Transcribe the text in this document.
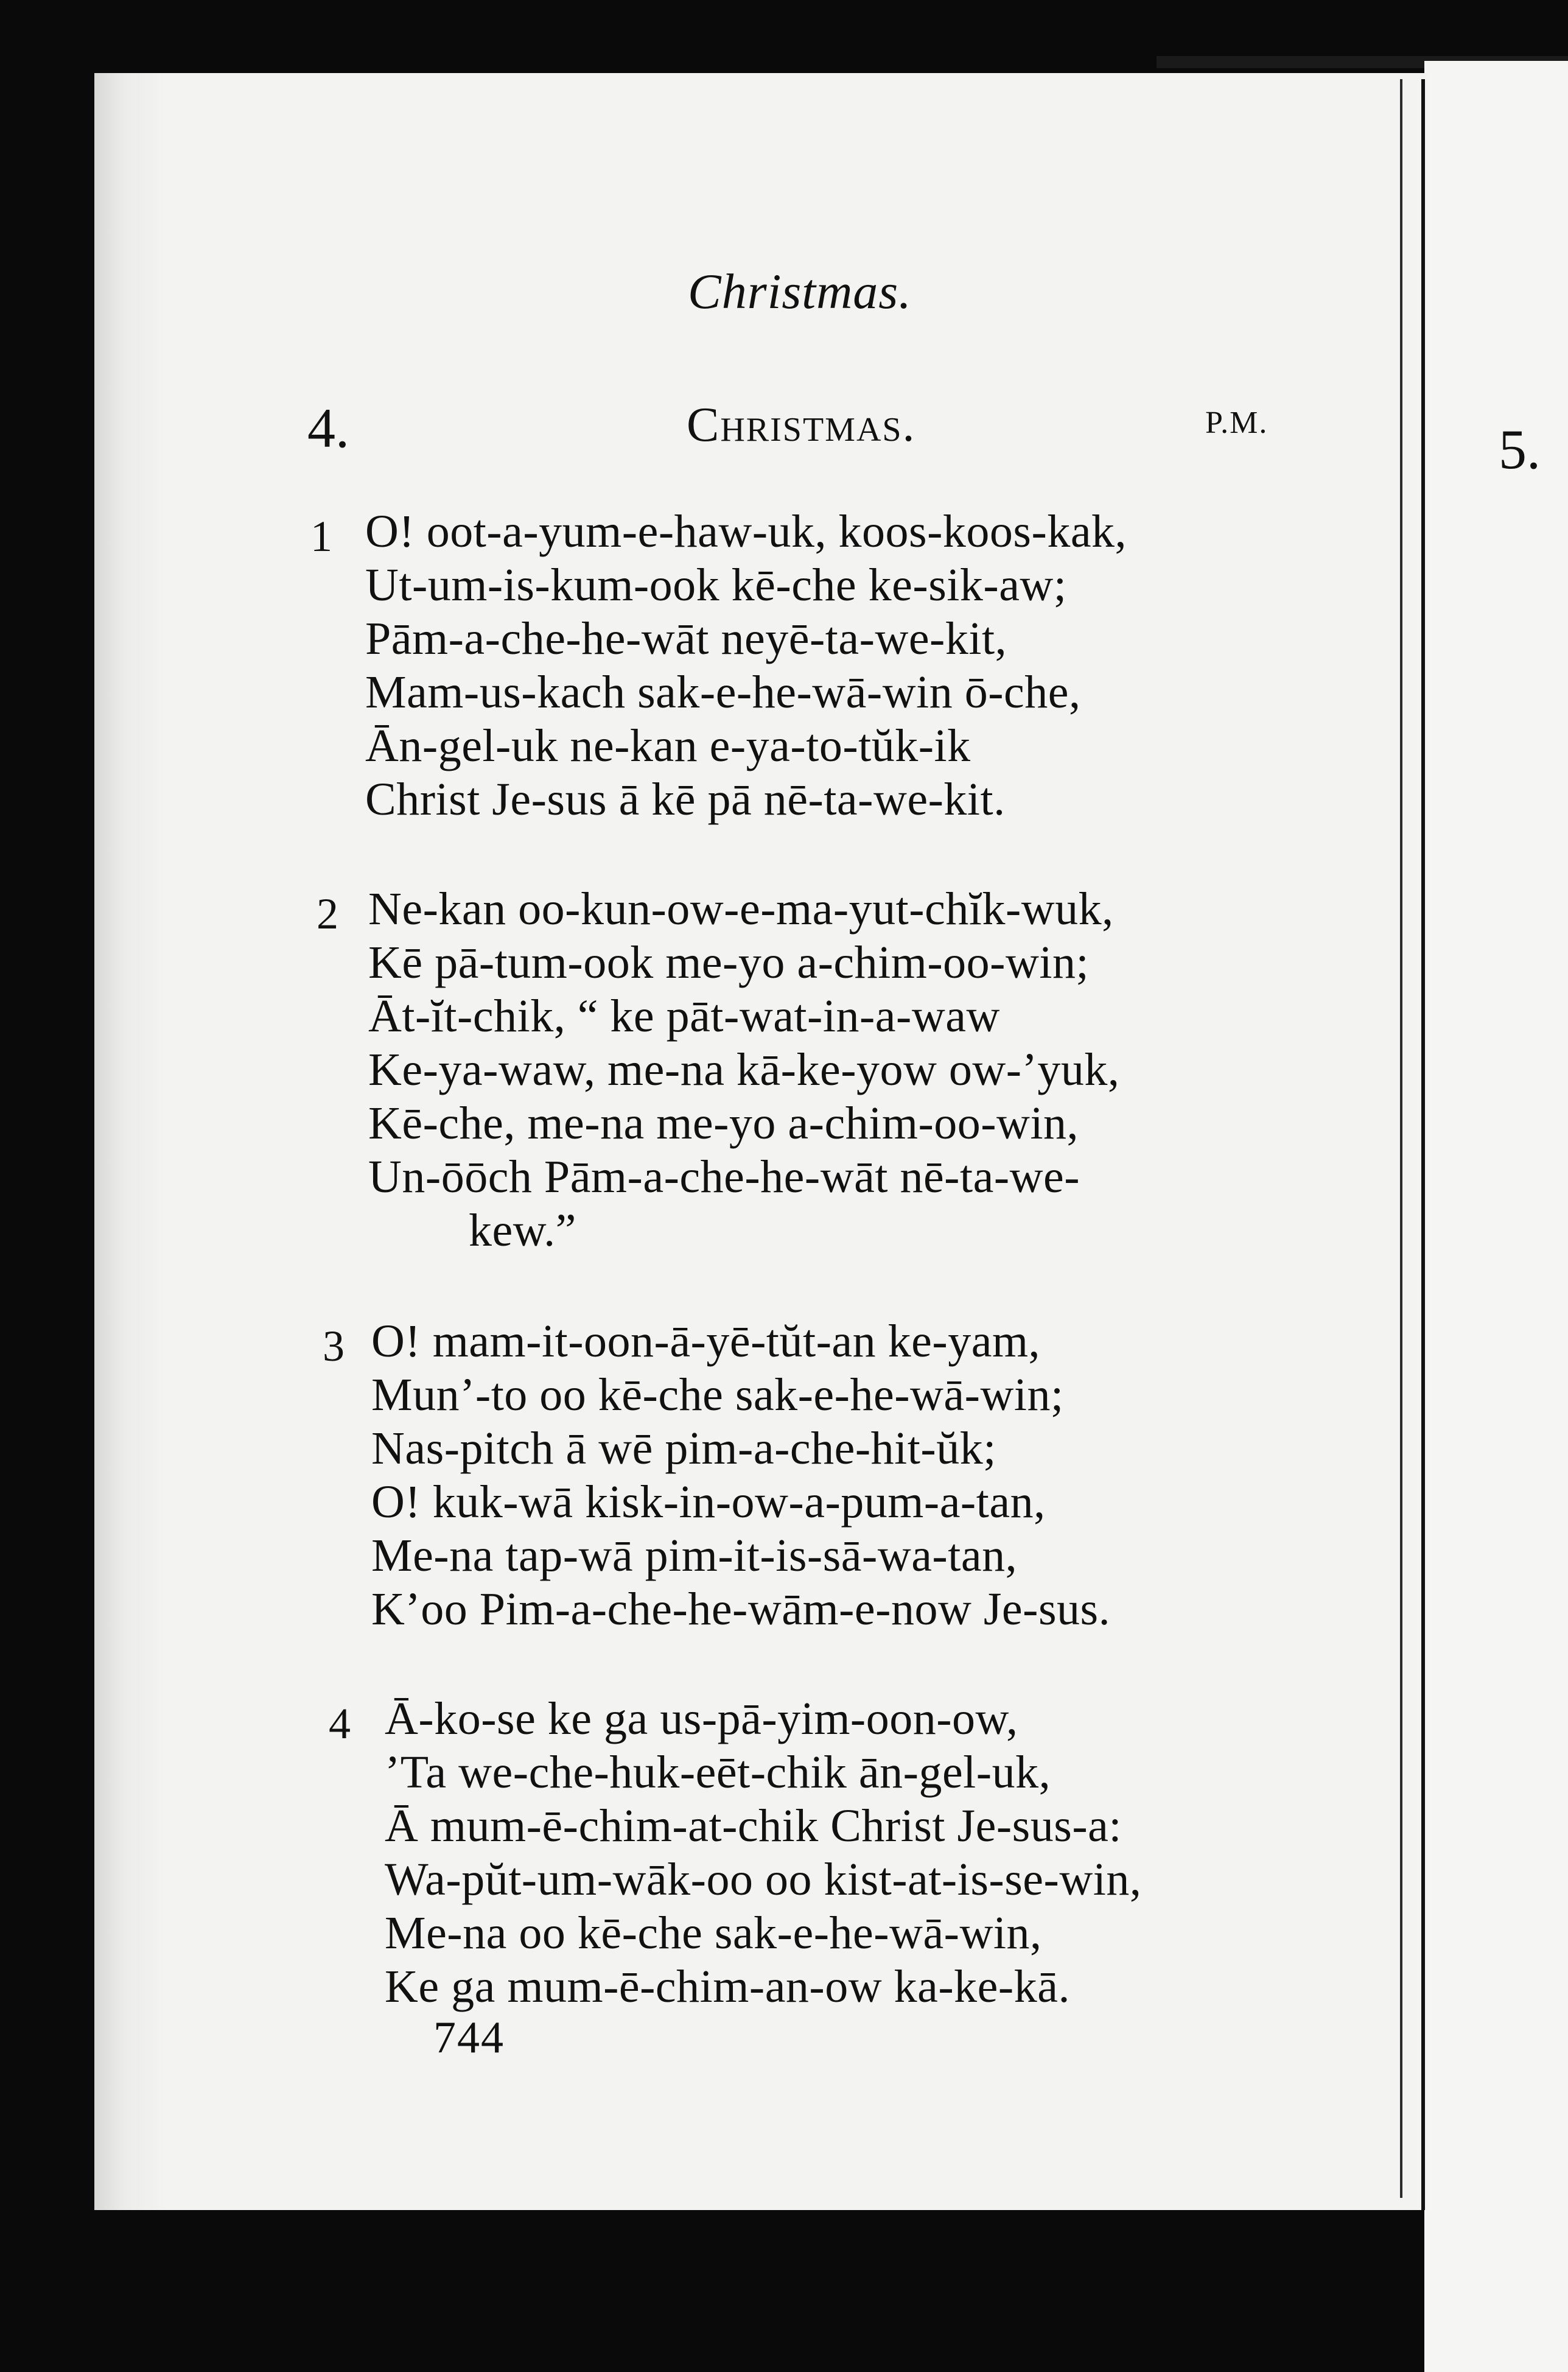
Christmas.
4.	Christmas.	P.M.	5.
1 O! oot-a-yum-e-haw-uk, koos-koos-kak,
Ut-um-is-kum-ook kē-che ke-sik-aw;
Pām-a-che-he-wāt neyē-ta-we-kit,
Mam-us-kach sak-e-he-wā-win ō-che,
Ān-gel-uk ne-kan e-ya-to-tŭk-ik
Christ Je-sus ā kē pā nē-ta-we-kit.
2 Ne-kan oo-kun-ow-e-ma-yut-chĭk-wuk,
Kē pā-tum-ook me-yo a-chim-oo-win;
Āt-ĭt-chik, “ ke pāt-wat-in-a-waw
Ke-ya-waw, me-na kā-ke-yow ow-’yuk,
Kē-che, me-na me-yo a-chim-oo-win,
Un-ōōch Pām-a-che-he-wāt nē-ta-we-
kew.”
3 O! mam-it-oon-ā-yē-tŭt-an ke-yam,
Mun’-to oo kē-che sak-e-he-wā-win;
Nas-pitch ā wē pim-a-che-hit-ŭk;
O! kuk-wā kisk-in-ow-a-pum-a-tan,
Me-na tap-wā pim-it-is-sā-wa-tan,
K’oo Pim-a-che-he-wām-e-now Je-sus.
4 Ā-ko-se ke ga us-pā-yim-oon-ow,
’Ta we-che-huk-eēt-chik ān-gel-uk,
Ā mum-ē-chim-at-chik Christ Je-sus-a:
Wa-pŭt-um-wāk-oo oo kist-at-is-se-win,
Me-na oo kē-che sak-e-he-wā-win,
Ke ga mum-ē-chim-an-ow ka-ke-kā.
744
